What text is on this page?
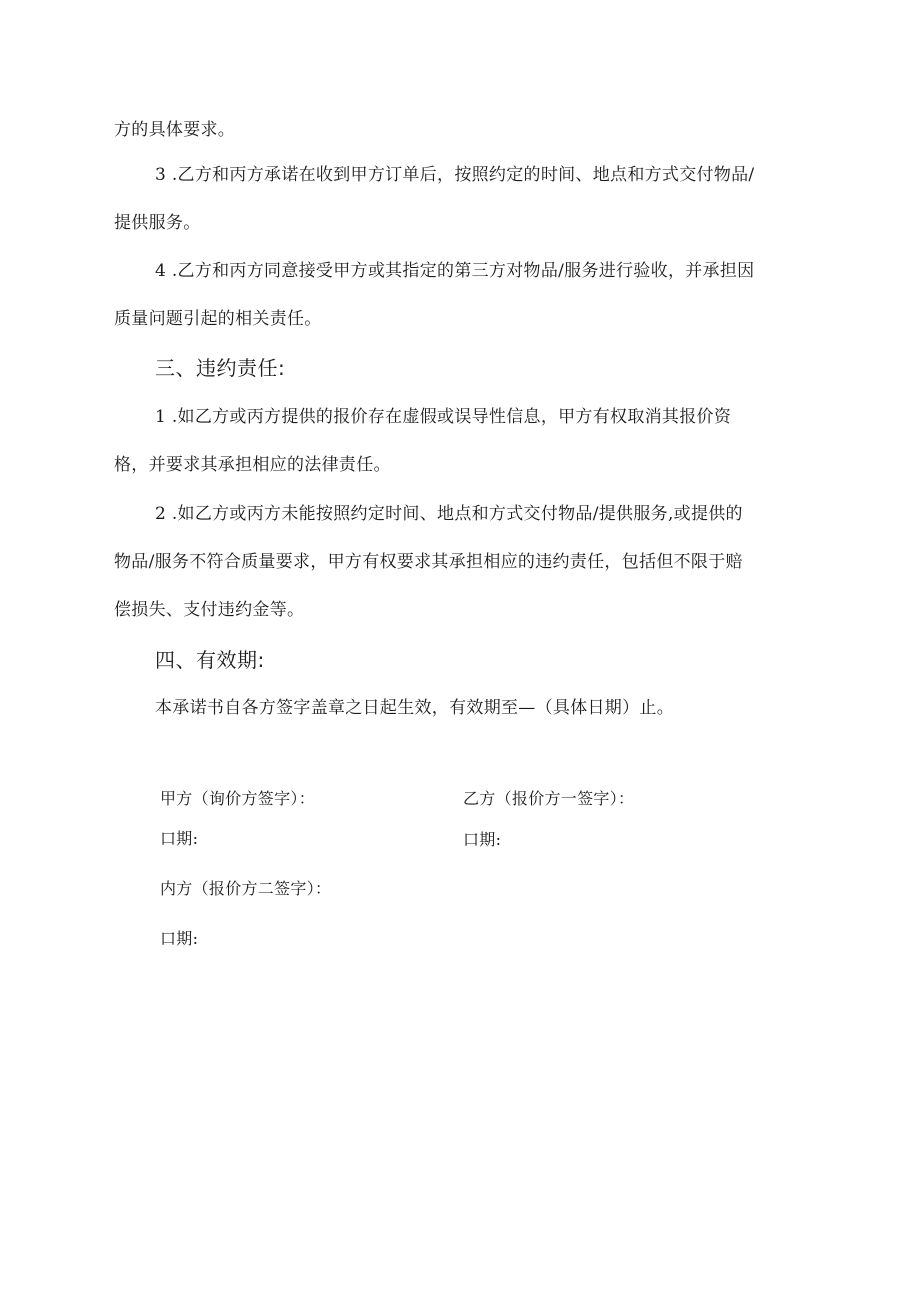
方的具体要求。
3 .乙方和丙方承诺在收到甲方订单后，按照约定的时间、地点和方式交付物品/
提供服务。
4 .乙方和丙方同意接受甲方或其指定的第三方对物品/服务进行验收，并承担因
质量问题引起的相关责任。
三、违约责任:
1 .如乙方或丙方提供的报价存在虚假或误导性信息，甲方有权取消其报价资
格，并要求其承担相应的法律责任。
2 .如乙方或丙方未能按照约定时间、地点和方式交付物品/提供服务,或提供的
物品/服务不符合质量要求，甲方有权要求其承担相应的违约责任，包括但不限于赔
偿损失、支付违约金等。
四、有效期:
本承诺书自各方签字盖章之日起生效，有效期至—（具体日期）止。
甲方（询价方签字）：	乙方（报价方一签字）：
口期:	口期:
内方（报价方二签字）：
口期:
